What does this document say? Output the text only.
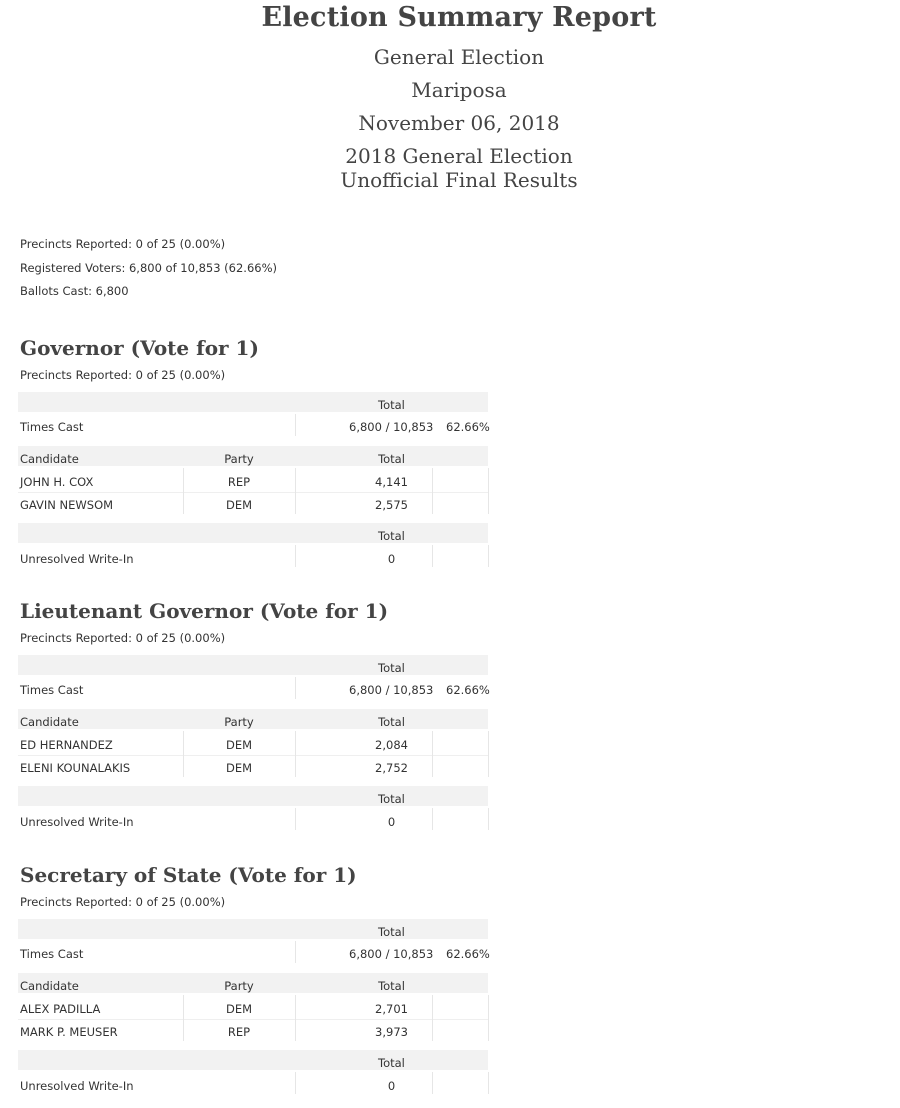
Election Summary Report
General Election
Mariposa
November 06, 2018
2018 General Election
Unofficial Final Results
Precincts Reported: 0 of 25 (0.00%)
Registered Voters: 6,800 of 10,853 (62.66%)
Ballots Cast: 6,800
Governor (Vote for 1)
Precincts Reported: 0 of 25 (0.00%)
Total
Times Cast	6,800 / 10,853 62.66%
Candidate	Party	Total
JOHN H. COX	REP	4,141
GAVIN NEWSOM	DEM	2,575
Total
Unresolved Write-In	0
Lieutenant Governor (Vote for 1)
Precincts Reported: 0 of 25 (0.00%)
Total
Times Cast	6,800 / 10,853 62.66%
Candidate	Party	Total
ED HERNANDEZ	DEM	2,084
ELENI KOUNALAKIS	DEM	2,752
Total
Unresolved Write-In	0
Secretary of State (Vote for 1)
Precincts Reported: 0 of 25 (0.00%)
Total
Times Cast	6,800 / 10,853 62.66%
Candidate	Party	Total
ALEX PADILLA	DEM	2,701
MARK P. MEUSER	REP	3,973
Total
Unresolved Write-In	0
